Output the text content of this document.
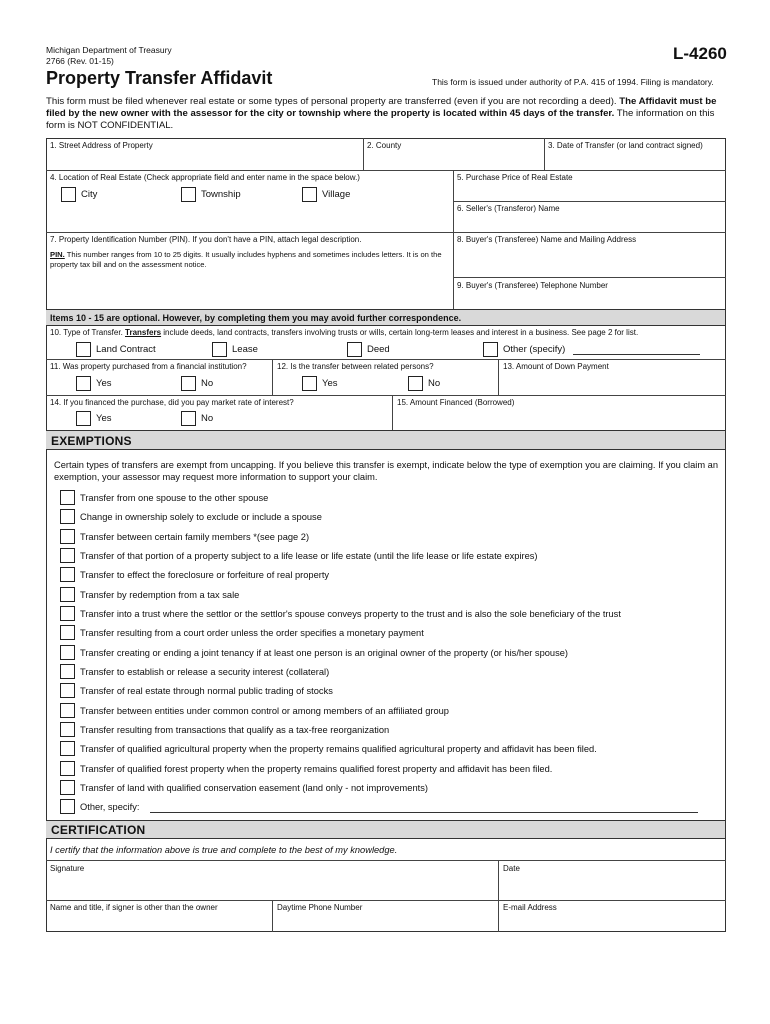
Michigan Department of Treasury
2766 (Rev. 01-15)	L-4260
Property Transfer Affidavit	This form is issued under authority of P.A. 415 of 1994. Filing is mandatory.
This form must be filed whenever real estate or some types of personal property are transferred (even if you are not recording a deed). The Affidavit must be filed by the new owner with the assessor for the city or township where the property is located within 45 days of the transfer. The information on this form is NOT CONFIDENTIAL.
1. Street Address of Property	2. County	3. Date of Transfer (or land contract signed)
4. Location of Real Estate (Check appropriate field and enter name in the space below.)
City	Township	Village
5. Purchase Price of Real Estate
6. Seller's (Transferor) Name
7. Property Identification Number (PIN). If you don't have a PIN, attach legal description.
PIN. This number ranges from 10 to 25 digits. It usually includes hyphens and sometimes includes letters. It is on the property tax bill and on the assessment notice.
8. Buyer's (Transferee) Name and Mailing Address
9. Buyer's (Transferee) Telephone Number
Items 10 - 15 are optional. However, by completing them you may avoid further correspondence.
10. Type of Transfer. Transfers include deeds, land contracts, transfers involving trusts or wills, certain long-term leases and interest in a business. See page 2 for list.
Land Contract	Lease	Deed	Other (specify)
11. Was property purchased from a financial institution?
Yes	No
12. Is the transfer between related persons?
Yes	No
13. Amount of Down Payment
14. If you financed the purchase, did you pay market rate of interest?
Yes	No
15. Amount Financed (Borrowed)
EXEMPTIONS
Certain types of transfers are exempt from uncapping. If you believe this transfer is exempt, indicate below the type of exemption you are claiming. If you claim an exemption, your assessor may request more information to support your claim.
Transfer from one spouse to the other spouse
Change in ownership solely to exclude or include a spouse
Transfer between certain family members *(see page 2)
Transfer of that portion of a property subject to a life lease or life estate (until the life lease or life estate expires)
Transfer to effect the foreclosure or forfeiture of real property
Transfer by redemption from a tax sale
Transfer into a trust where the settlor or the settlor's spouse conveys property to the trust and is also the sole beneficiary of the trust
Transfer resulting from a court order unless the order specifies a monetary payment
Transfer creating or ending a joint tenancy if at least one person is an original owner of the property (or his/her spouse)
Transfer to establish or release a security interest (collateral)
Transfer of real estate through normal public trading of stocks
Transfer between entities under common control or among members of an affiliated group
Transfer resulting from transactions that qualify as a tax-free reorganization
Transfer of qualified agricultural property when the property remains qualified agricultural property and affidavit has been filed.
Transfer of qualified forest property when the property remains qualified forest property and affidavit has been filed.
Transfer of land with qualified conservation easement (land only - not improvements)
Other, specify:
CERTIFICATION
I certify that the information above is true and complete to the best of my knowledge.
Signature	Date
Name and title, if signer is other than the owner	Daytime Phone Number	E-mail Address
